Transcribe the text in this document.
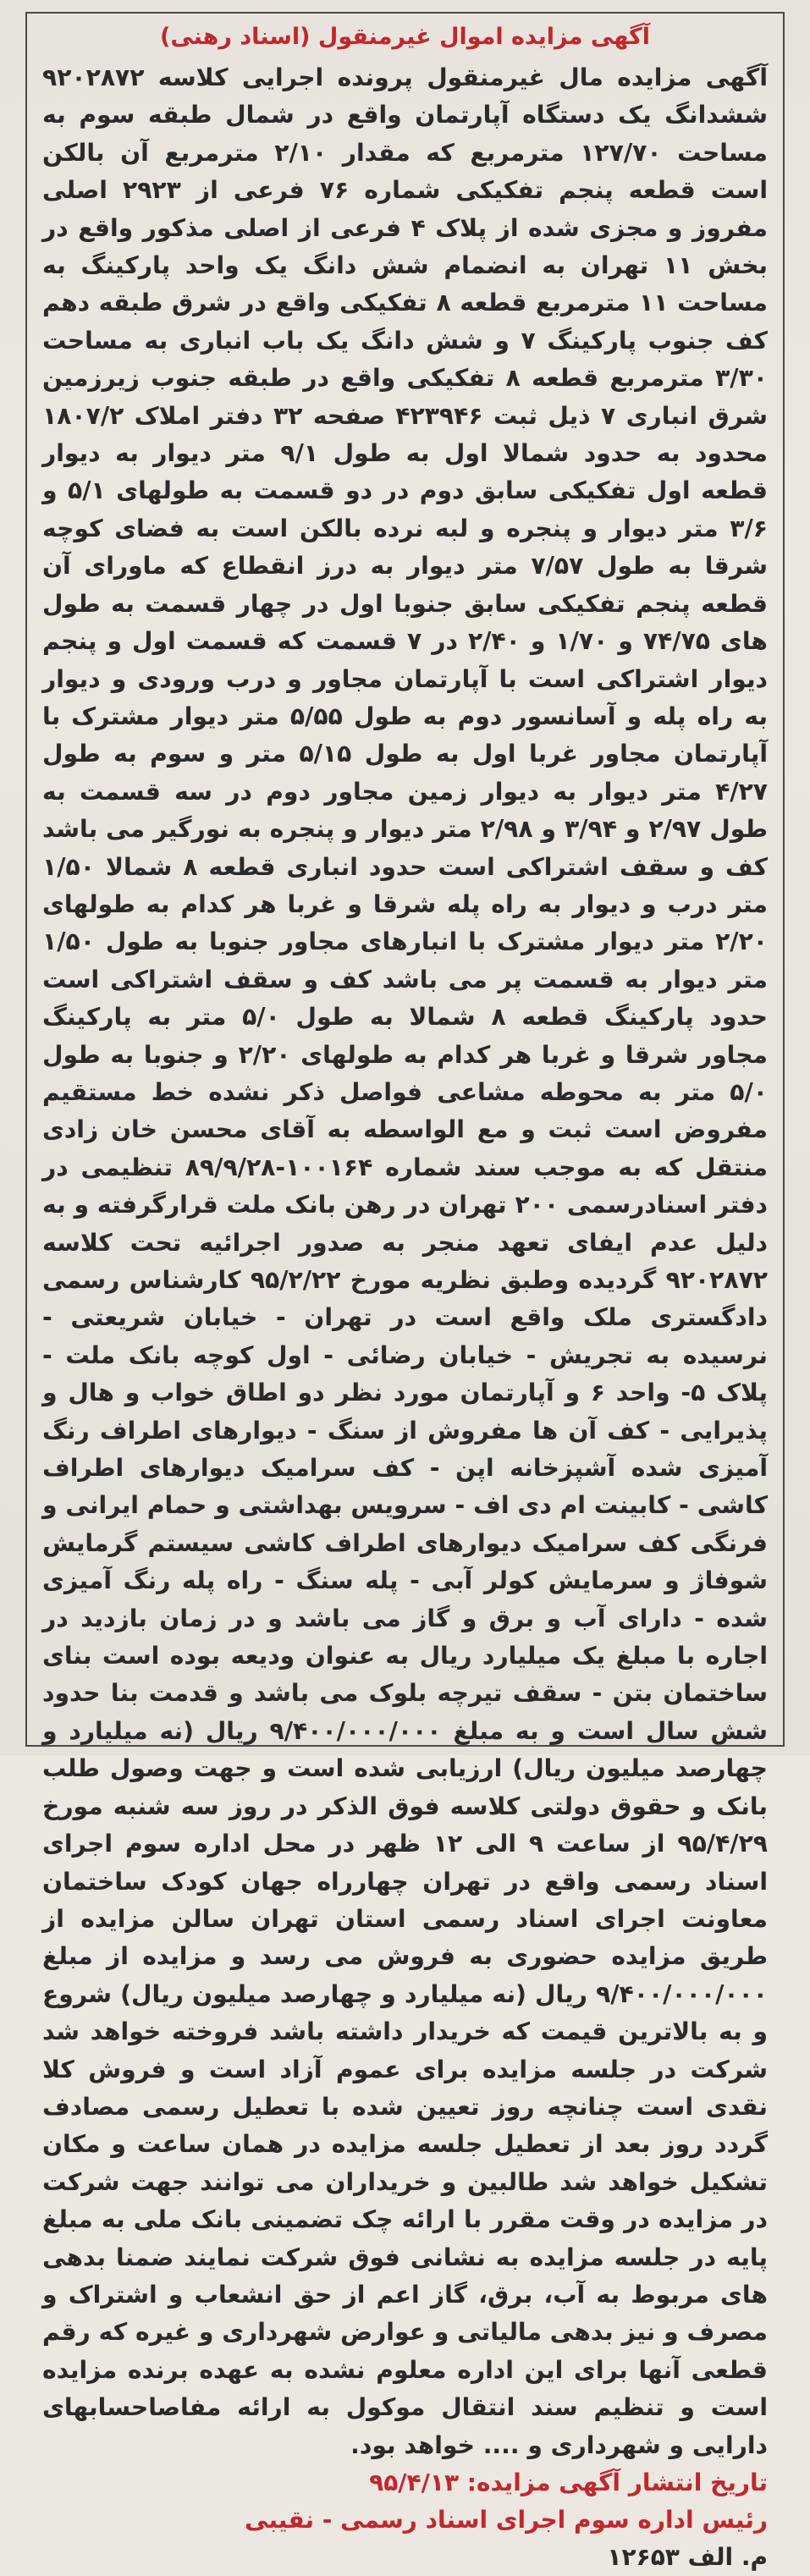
آگهی مزایده اموال غیرمنقول (اسناد رهنی)

آگهی مزایده مال غیرمنقول پرونده اجرایی کلاسه ۹۲۰۲۸۷۲ ششدانگ یک دستگاه آپارتمان واقع در شمال طبقه سوم به مساحت ۱۲۷/۷۰ مترمربع که مقدار ۲/۱۰ مترمربع آن بالکن است قطعه پنجم تفکیکی شماره ۷۶ فرعی از ۲۹۲۳ اصلی مفروز و مجزی شده از پلاک ۴ فرعی از اصلی مذکور واقع در بخش ۱۱ تهران به انضمام شش دانگ یک واحد پارکینگ به مساحت ۱۱ مترمربع قطعه ۸ تفکیکی واقع در شرق طبقه دهم کف جنوب پارکینگ ۷ و شش دانگ یک باب انباری به مساحت ۳/۳۰ مترمربع قطعه ۸ تفکیکی واقع در طبقه جنوب زیرزمین شرق انباری ۷ ذیل ثبت ۴۲۳۹۴۶ صفحه ۳۲ دفتر املاک ۱۸۰۷/۲ محدود به حدود شمالا اول به طول ۹/۱ متر دیوار به دیوار قطعه اول تفکیکی سابق دوم در دو قسمت به طولهای ۵/۱ و ۳/۶ متر دیوار و پنجره و لبه نرده بالکن است به فضای کوچه شرقا به طول ۷/۵۷ متر دیوار به درز انقطاع که ماورای آن قطعه پنجم تفکیکی سابق جنوبا اول در چهار قسمت به طول های ۷۴/۷۵ و ۱/۷۰ و ۲/۴۰ در ۷ قسمت که قسمت اول و پنجم دیوار اشتراکی است با آپارتمان مجاور و درب ورودی و دیوار به راه پله و آسانسور دوم به طول ۵/۵۵ متر دیوار مشترک با آپارتمان مجاور غربا اول به طول ۵/۱۵ متر و سوم به طول ۴/۲۷ متر دیوار به دیوار زمین مجاور دوم در سه قسمت به طول ۲/۹۷ و ۳/۹۴ و ۲/۹۸ متر دیوار و پنجره به نورگیر می باشد کف و سقف اشتراکی است حدود انباری قطعه ۸ شمالا ۱/۵۰ متر درب و دیوار به راه پله شرقا و غربا هر کدام به طولهای ۲/۲۰ متر دیوار مشترک با انبارهای مجاور جنوبا به طول ۱/۵۰ متر دیوار به قسمت پر می باشد کف و سقف اشتراکی است حدود پارکینگ قطعه ۸ شمالا به طول ۵/۰ متر به پارکینگ مجاور شرقا و غربا هر کدام به طولهای ۲/۲۰ و جنوبا به طول ۵/۰ متر به محوطه مشاعی فواصل ذکر نشده خط مستقیم مفروض است ثبت و مع الواسطه به آقای محسن خان زادی منتقل که به موجب سند شماره ۱۰۰۱۶۴-۸۹/۹/۲۸ تنظیمی در دفتر اسنادرسمی ۲۰۰ تهران در رهن بانک ملت قرارگرفته و به دلیل عدم ایفای تعهد منجر به صدور اجرائیه تحت کلاسه ۹۲۰۲۸۷۲ گردیده وطبق نظریه مورخ ۹۵/۲/۲۲ کارشناس رسمی دادگستری ملک واقع است در تهران - خیابان شریعتی - نرسیده به تجریش - خیابان رضائی - اول کوچه بانک ملت - پلاک ۵- واحد ۶ و آپارتمان مورد نظر دو اطاق خواب و هال و پذیرایی - کف آن ها مفروش از سنگ - دیوارهای اطراف رنگ آمیزی شده آشپزخانه اپن - کف سرامیک دیوارهای اطراف کاشی - کابینت ام دی اف - سرویس بهداشتی و حمام ایرانی و فرنگی کف سرامیک دیوارهای اطراف کاشی سیستم گرمایش شوفاژ و سرمایش کولر آبی - پله سنگ - راه پله رنگ آمیزی شده - دارای آب و برق و گاز می باشد و در زمان بازدید در اجاره با مبلغ یک میلیارد ریال به عنوان ودیعه بوده است بنای ساختمان بتن - سقف تیرچه بلوک می باشد و قدمت بنا حدود شش سال است و به مبلغ ۹/۴۰۰/۰۰۰/۰۰۰ ریال (نه میلیارد و چهارصد میلیون ریال) ارزیابی شده است و جهت وصول طلب بانک و حقوق دولتی کلاسه فوق الذکر در روز سه شنبه مورخ ۹۵/۴/۲۹ از ساعت ۹ الی ۱۲ ظهر در محل اداره سوم اجرای اسناد رسمی واقع در تهران چهارراه جهان کودک ساختمان معاونت اجرای اسناد رسمی استان تهران سالن مزایده از طریق مزایده حضوری به فروش می رسد و مزایده از مبلغ ۹/۴۰۰/۰۰۰/۰۰۰ ریال (نه میلیارد و چهارصد میلیون ریال) شروع و به بالاترین قیمت که خریدار داشته باشد فروخته خواهد شد شرکت در جلسه مزایده برای عموم آزاد است و فروش کلا نقدی است چنانچه روز تعیین شده با تعطیل رسمی مصادف گردد روز بعد از تعطیل جلسه مزایده در همان ساعت و مکان تشکیل خواهد شد طالبین و خریداران می توانند جهت شرکت در مزایده در وقت مقرر با ارائه چک تضمینی بانک ملی به مبلغ پایه در جلسه مزایده به نشانی فوق شرکت نمایند ضمنا بدهی های مربوط به آب، برق، گاز اعم از حق انشعاب و اشتراک و مصرف و نیز بدهی مالیاتی و عوارض شهرداری و غیره که رقم قطعی آنها برای این اداره معلوم نشده به عهده برنده مزایده است و تنظیم سند انتقال موکول به ارائه مفاصاحسابهای دارایی و شهرداری و .... خواهد بود.

تاریخ انتشار آگهی مزایده: ۹۵/۴/۱۳

رئیس اداره سوم اجرای اسناد رسمی - نقیبی

م. الف ۱۲۶۵۳
